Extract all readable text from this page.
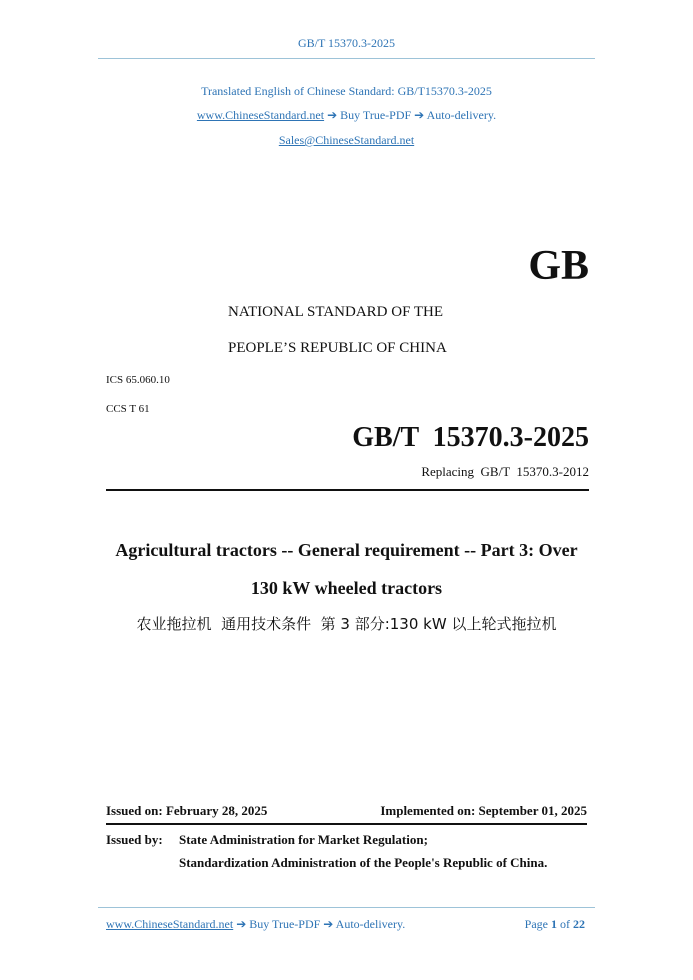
GB/T 15370.3-2025
Translated English of Chinese Standard: GB/T15370.3-2025
www.ChineseStandard.net ➔ Buy True-PDF ➔ Auto-delivery.
Sales@ChineseStandard.net
GB
NATIONAL STANDARD OF THE
PEOPLE’S REPUBLIC OF CHINA
ICS 65.060.10
CCS T 61
GB/T  15370.3-2025
Replacing  GB/T  15370.3-2012
Agricultural tractors -- General requirement -- Part 3: Over
130 kW wheeled tractors
农业拖拉机  通用技术条件  第 3 部分:130 kW 以上轮式拖拉机
Issued on: February 28, 2025	Implemented on: September 01, 2025
Issued by: State Administration for Market Regulation;
Standardization Administration of the People's Republic of China.
www.ChineseStandard.net ➔ Buy True-PDF ➔ Auto-delivery.	Page 1 of 22
